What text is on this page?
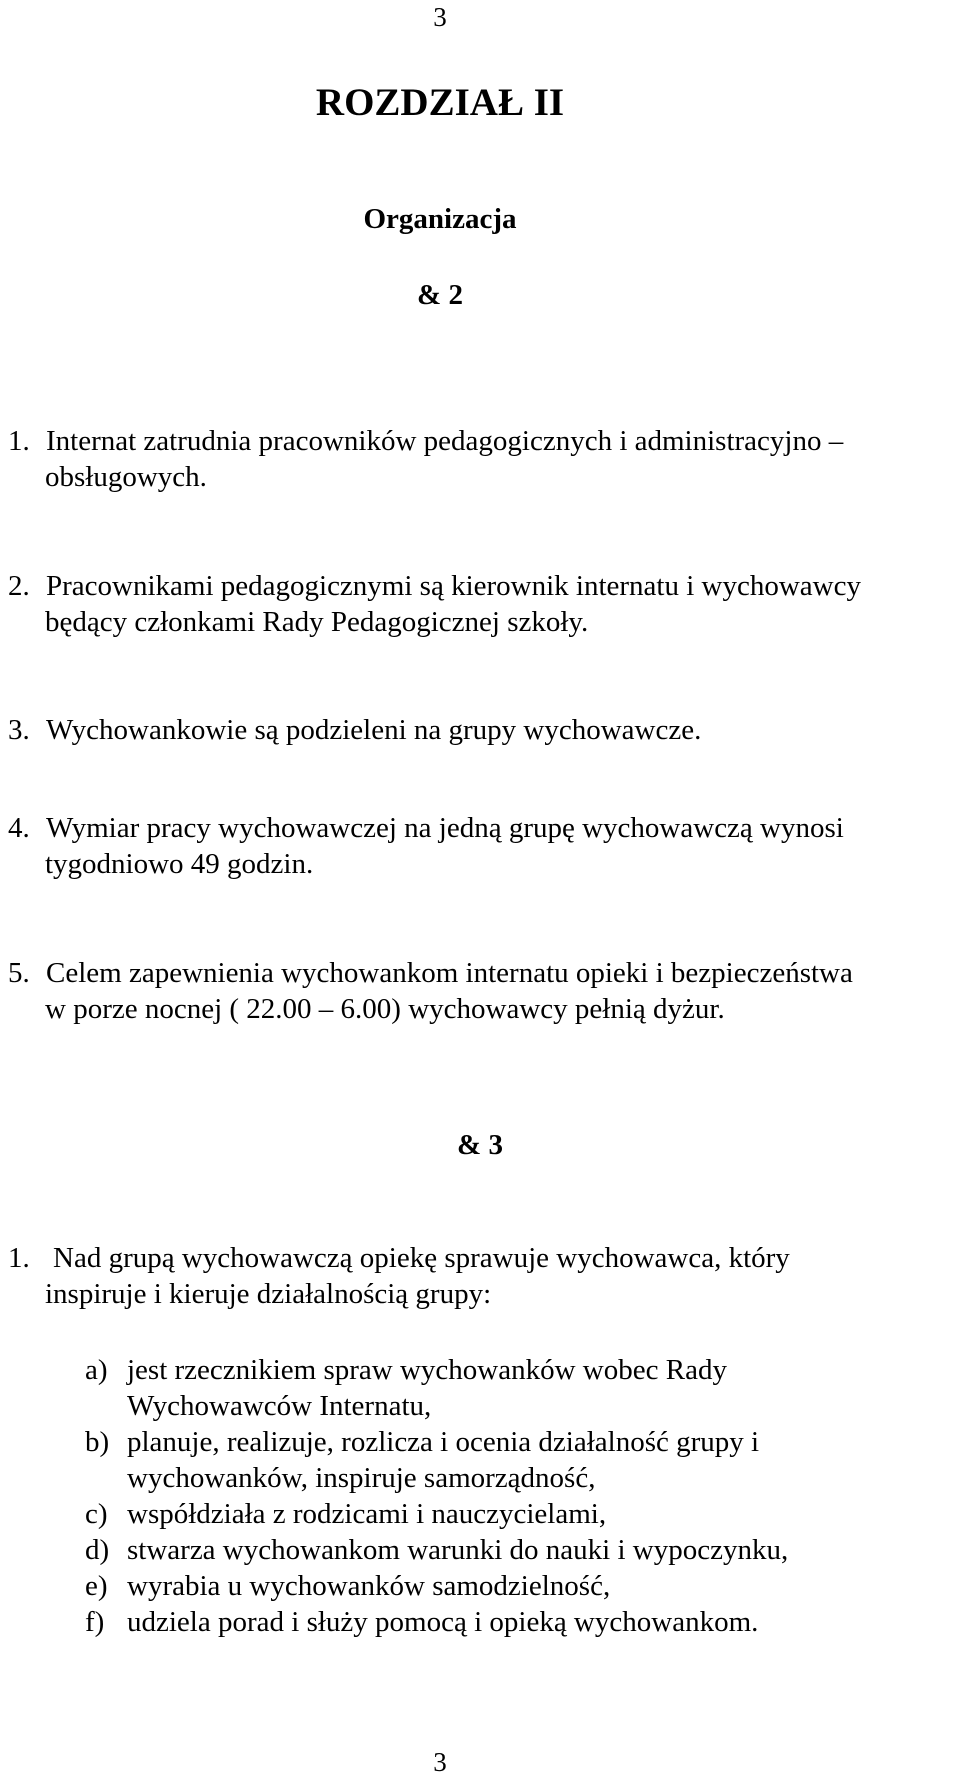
3
ROZDZIAŁ II
Organizacja
& 2
1. Internat zatrudnia pracowników pedagogicznych i administracyjno –
obsługowych.
2. Pracownikami pedagogicznymi są kierownik internatu i wychowawcy
będący członkami Rady Pedagogicznej szkoły.
3. Wychowankowie są podzieleni na grupy wychowawcze.
4. Wymiar pracy wychowawczej na jedną grupę wychowawczą wynosi
tygodniowo 49 godzin.
5. Celem zapewnienia wychowankom internatu opieki i bezpieczeństwa
w porze nocnej ( 22.00 – 6.00) wychowawcy pełnią dyżur.
& 3
1. Nad grupą wychowawczą opiekę sprawuje wychowawca, który
inspiruje i kieruje działalnością grupy:
a) jest rzecznikiem spraw wychowanków wobec Rady
Wychowawców Internatu,
b) planuje, realizuje, rozlicza i ocenia działalność grupy i
wychowanków, inspiruje samorządność,
c) współdziała z rodzicami i nauczycielami,
d) stwarza wychowankom warunki do nauki i wypoczynku,
e) wyrabia u wychowanków samodzielność,
f) udziela porad i służy pomocą i opieką wychowankom.
3
